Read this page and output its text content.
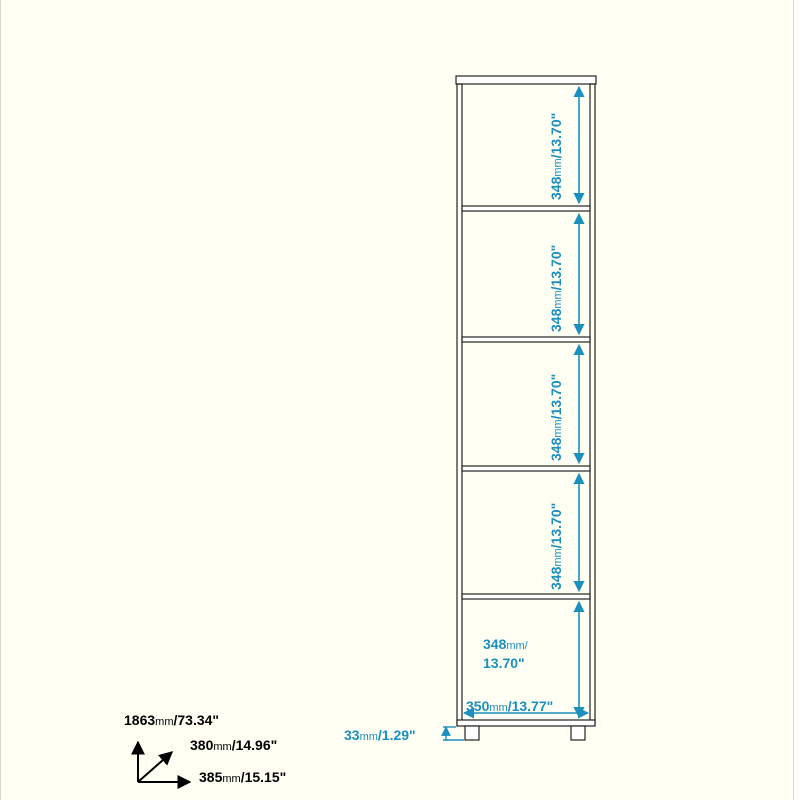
348mm/13.70"
348mm/13.70"
348mm/13.70"
348mm/13.70"
348mm/
13.70"
350mm/13.77"
33mm/1.29"
1863mm/73.34"
380mm/14.96"
385mm/15.15"
